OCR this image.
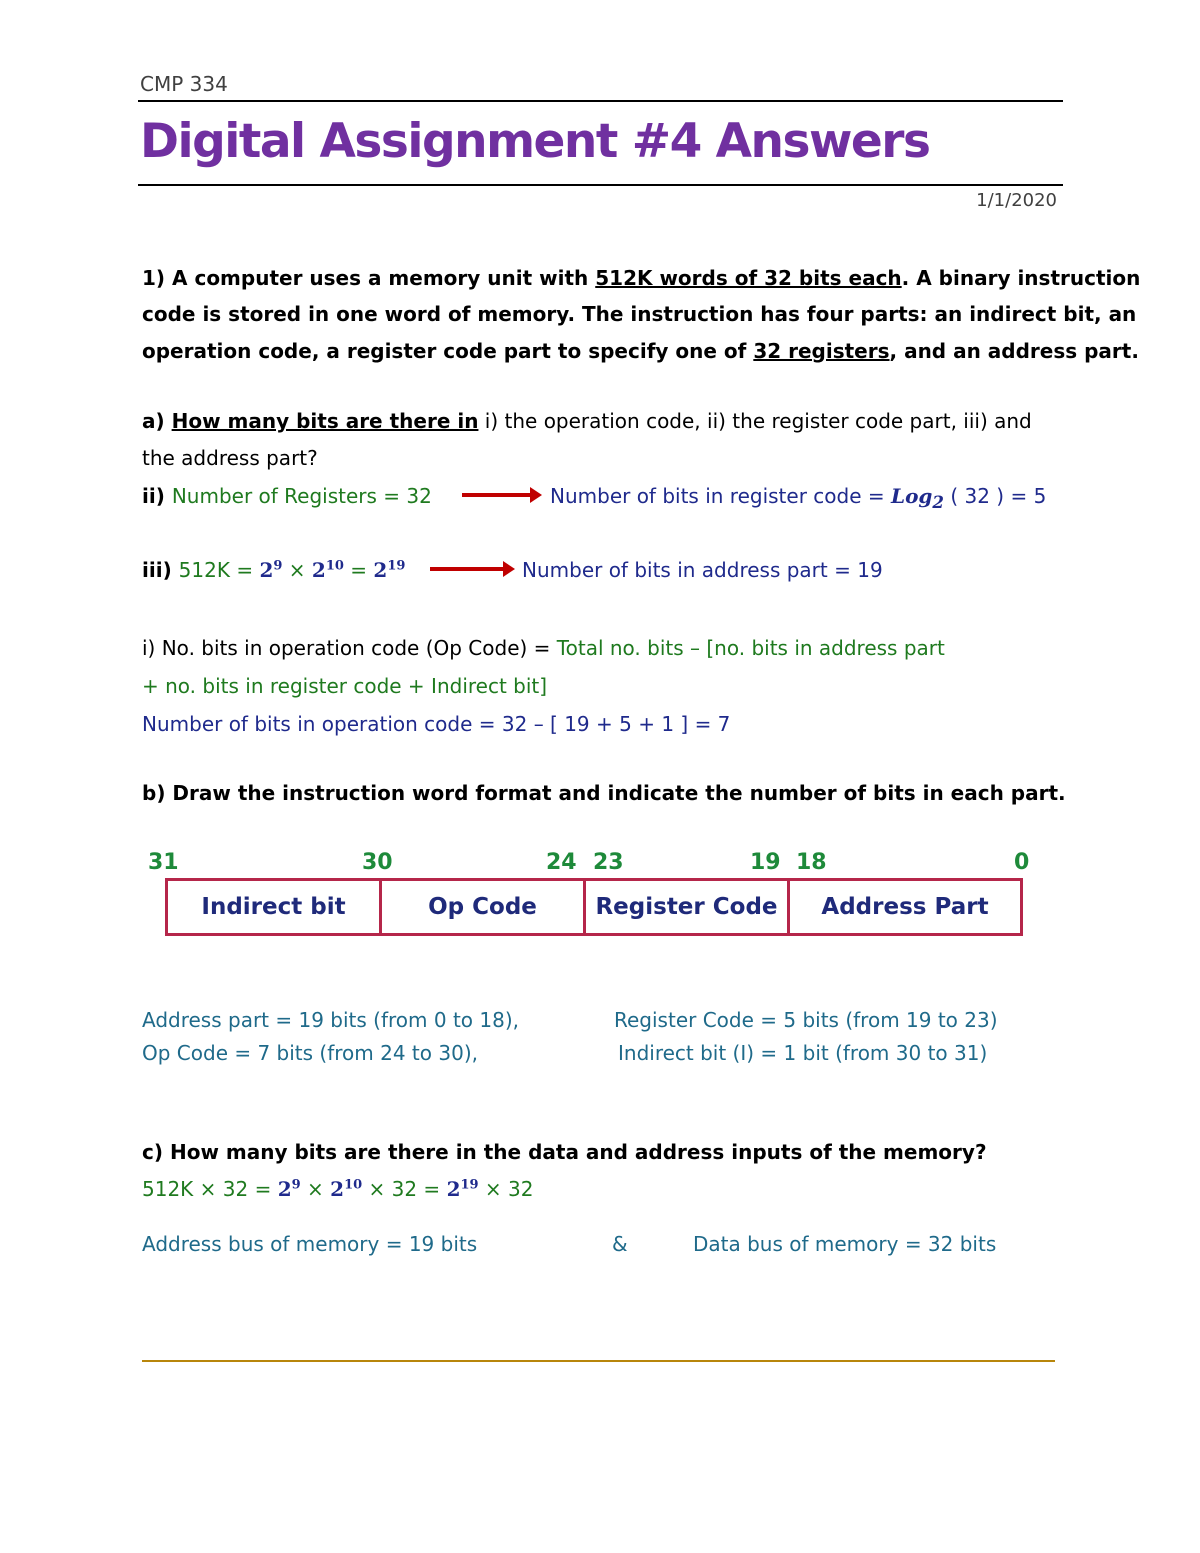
CMP 334
Digital Assignment #4 Answers
1/1/2020
1) A computer uses a memory unit with 512K words of 32 bits each. A binary instruction
code is stored in one word of memory. The instruction has four parts: an indirect bit, an
operation code, a register code part to specify one of 32 registers, and an address part.
a) How many bits are there in i) the operation code, ii) the register code part, iii) and
the address part?
ii) Number of Registers = 32	Number of bits in register code = Log$_2$ ( 32 ) = 5
iii) $512K = 2^9 \times 2^{10} = 2^{19}$	Number of bits in address part = 19
i) No. bits in operation code (Op Code) = Total no. bits – [no. bits in address part
+ no. bits in register code + Indirect bit]
Number of bits in operation code = 32 – [ 19 + 5 + 1 ] = 7
b) Draw the instruction word format and indicate the number of bits in each part.
31	30	24 23	19 18	0
Indirect bit	Op Code	Register Code	Address Part
Address part = 19 bits (from 0 to 18),	Register Code = 5 bits (from 19 to 23)
Op Code = 7 bits (from 24 to 30),	Indirect bit (I) = 1 bit (from 30 to 31)
c) How many bits are there in the data and address inputs of the memory?
$512K \times 32 = 2^9 \times 2^{10} \times 32 = 2^{19} \times 32$
Address bus of memory = 19 bits	&	Data bus of memory = 32 bits
